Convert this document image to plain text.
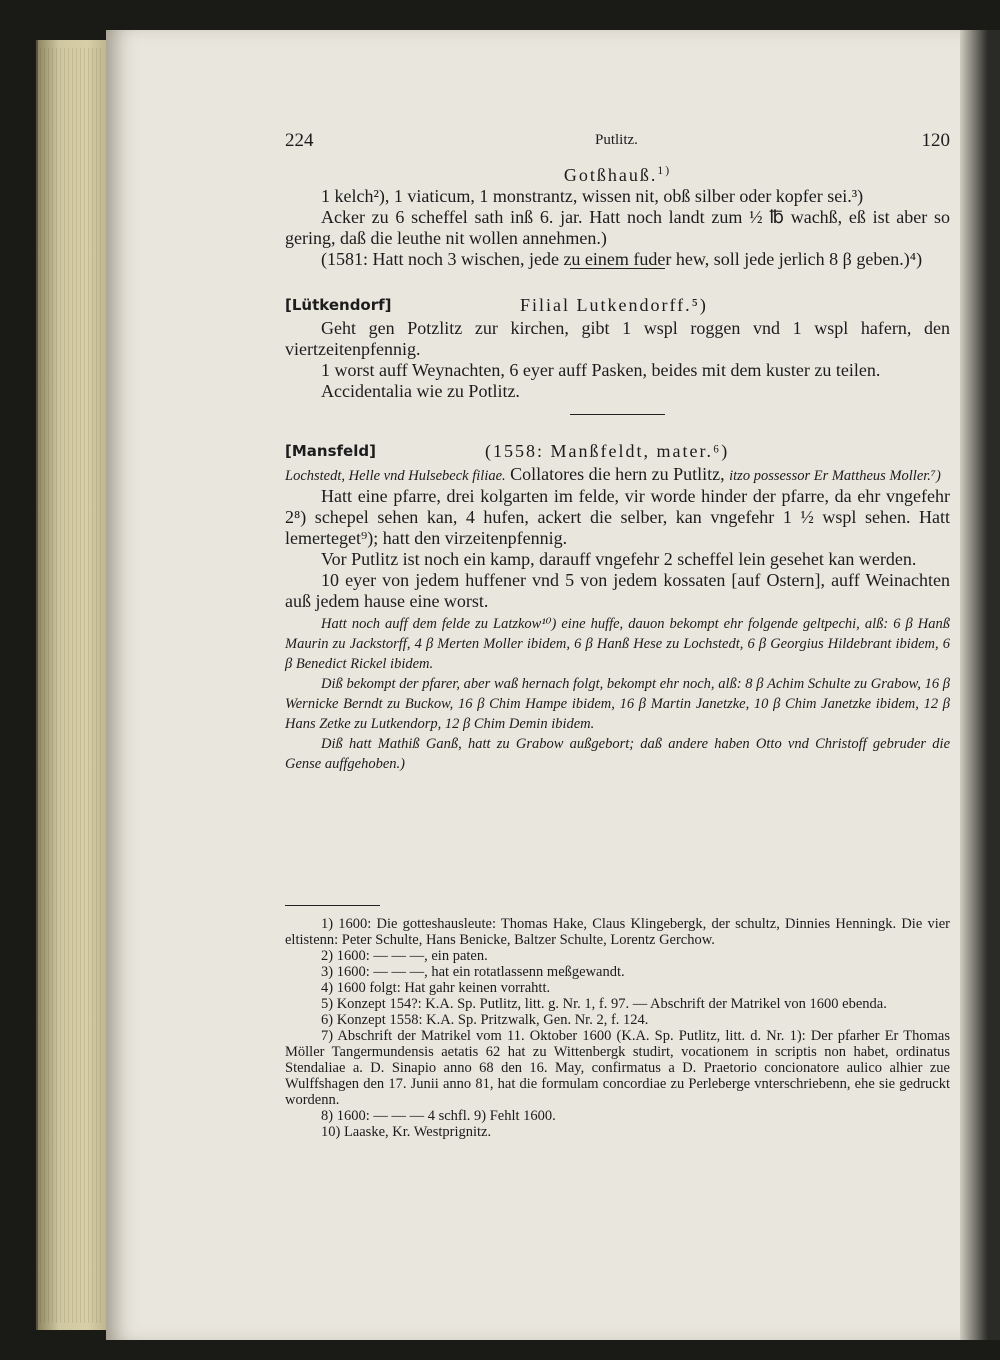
224	Putlitz.	120
Gotßhauß.$^{1)}$

1 kelch²), 1 viaticum, 1 monstrantz, wissen nit, obß silber oder kopfer sei.³)

Acker zu 6 scheffel sath inß 6. jar. Hatt noch landt zum ½ ℔ wachß, eß ist aber so gering, daß die leuthe nit wollen annehmen.)

(1581: Hatt noch 3 wischen, jede zu einem fuder hew, soll jede jerlich 8 β geben.)⁴)

[Lütkendorf]	Filial Lutkendorff.⁵)

Geht gen Potzlitz zur kirchen, gibt 1 wspl roggen vnd 1 wspl hafern, den viertzeitenpfennig.

1 worst auff Weynachten, 6 eyer auff Pasken, beides mit dem kuster zu teilen.

Accidentalia wie zu Potlitz.

[Mansfeld]	(1558: Manßfeldt, mater.⁶)

Lochstedt, Helle vnd Hulsebeck filiae. Collatores die hern zu Putlitz, itzo possessor Er Mattheus Moller.⁷)

Hatt eine pfarre, drei kolgarten im felde, vir worde hinder der pfarre, da ehr vngefehr 2⁸) schepel sehen kan, 4 hufen, ackert die selber, kan vngefehr 1 ½ wspl sehen. Hatt lemerteget⁹); hatt den virzeitenpfennig.

Vor Putlitz ist noch ein kamp, darauff vngefehr 2 scheffel lein gesehet kan werden.

10 eyer von jedem huffener vnd 5 von jedem kossaten [auf Ostern], auff Weinachten auß jedem hause eine worst.

Hatt noch auff dem felde zu Latzkow¹⁰) eine huffe, dauon bekompt ehr folgende geltpechi, alß: 6 β Hanß Maurin zu Jackstorff, 4 β Merten Moller ibidem, 6 β Hanß Hese zu Lochstedt, 6 β Georgius Hildebrant ibidem, 6 β Benedict Rickel ibidem.

Diß bekompt der pfarer, aber waß hernach folgt, bekompt ehr noch, alß: 8 β Achim Schulte zu Grabow, 16 β Wernicke Berndt zu Buckow, 16 β Chim Hampe ibidem, 16 β Martin Janetzke, 10 β Chim Janetzke ibidem, 12 β Hans Zetke zu Lutkendorp, 12 β Chim Demin ibidem.

Diß hatt Mathiß Ganß, hatt zu Grabow außgebort; daß andere haben Otto vnd Christoff gebruder die Gense auffgehoben.)

1) 1600: Die gotteshausleute: Thomas Hake, Claus Klingebergk, der schultz, Dinnies Henningk. Die vier eltistenn: Peter Schulte, Hans Benicke, Baltzer Schulte, Lorentz Gerchow.

2) 1600: — — —, ein paten.

3) 1600: — — —, hat ein rotatlassenn meßgewandt.

4) 1600 folgt: Hat gahr keinen vorrahtt.

5) Konzept 154?: K.A. Sp. Putlitz, litt. g. Nr. 1, f. 97. — Abschrift der Matrikel von 1600 ebenda.

6) Konzept 1558: K.A. Sp. Pritzwalk, Gen. Nr. 2, f. 124.

7) Abschrift der Matrikel vom 11. Oktober 1600 (K.A. Sp. Putlitz, litt. d. Nr. 1): Der pfarher Er Thomas Möller Tangermundensis aetatis 62 hat zu Wittenbergk studirt, vocationem in scriptis non habet, ordinatus Stendaliae a. D. Sinapio anno 68 den 16. May, confirmatus a D. Praetorio concionatore aulico alhier zue Wulffshagen den 17. Junii anno 81, hat die formulam concordiae zu Perleberge vnterschriebenn, ehe sie gedruckt wordenn.

8) 1600: — — — 4 schfl. 9) Fehlt 1600.

10) Laaske, Kr. Westprignitz.
